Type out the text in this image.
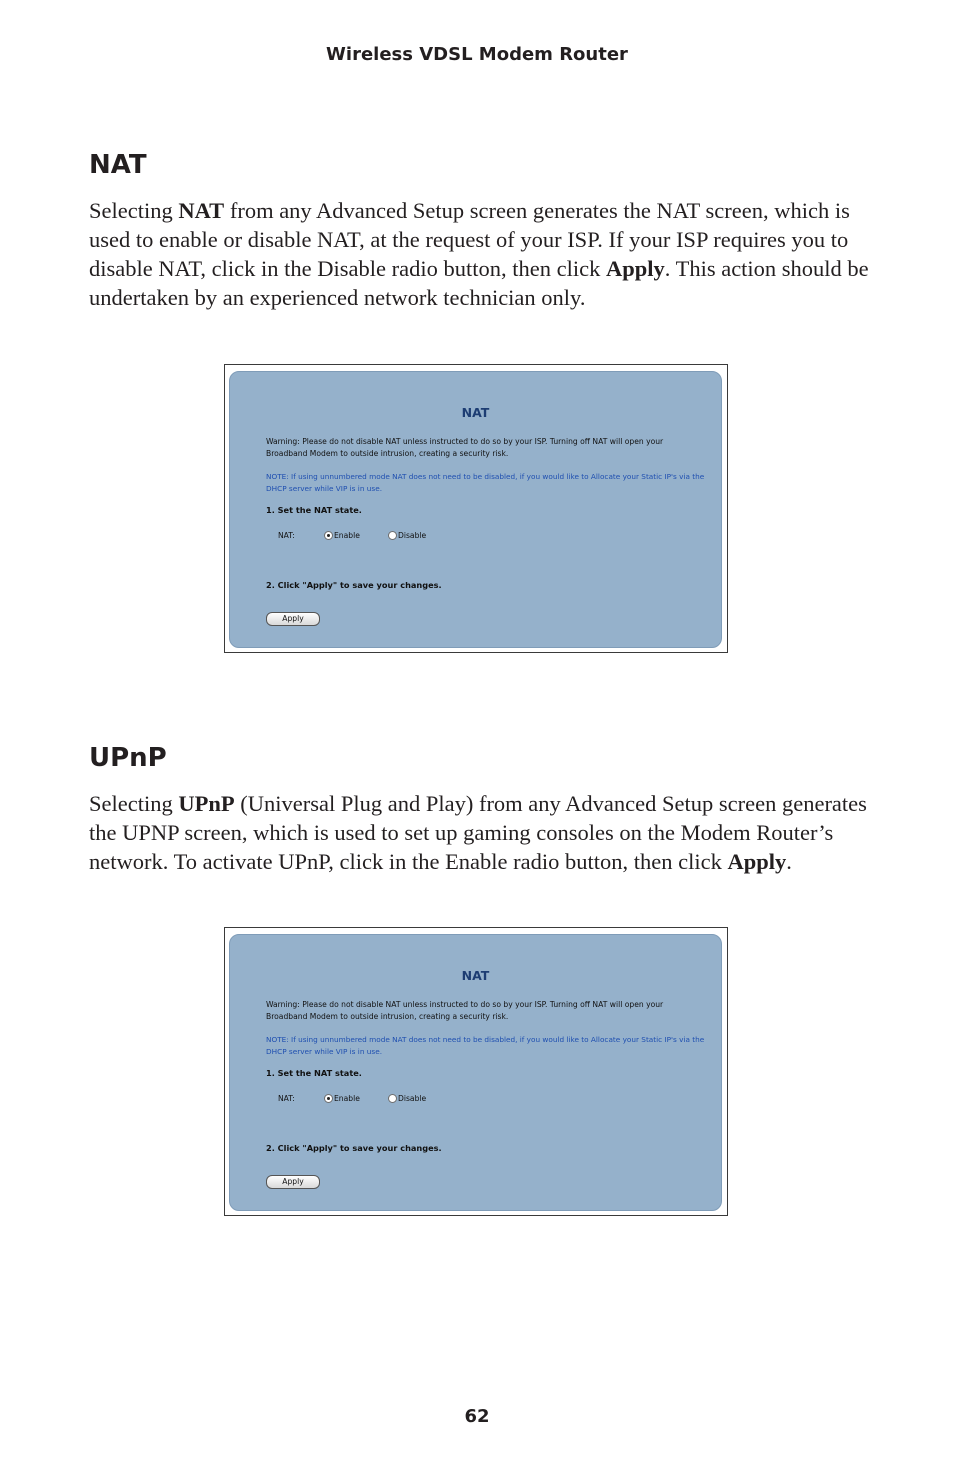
Wireless VDSL Modem Router
NAT
Selecting NAT from any Advanced Setup screen generates the NAT screen, which is used to enable or disable NAT, at the request of your ISP. If your ISP requires you to disable NAT, click in the Disable radio button, then click Apply. This action should be undertaken by an experienced network technician only.
NAT
Warning: Please do not disable NAT unless instructed to do so by your ISP. Turning off NAT will open your Broadband Modem to outside intrusion, creating a security risk.
NOTE: If using unnumbered mode NAT does not need to be disabled, if you would like to Allocate your Static IP's via the DHCP server while VIP is in use.
1. Set the NAT state.
NAT:	Enable	Disable
2. Click "Apply" to save your changes.
Apply
UPnP
Selecting UPnP (Universal Plug and Play) from any Advanced Setup screen generates the UPNP screen, which is used to set up gaming consoles on the Modem Router’s network. To activate UPnP, click in the Enable radio button, then click Apply.
NAT
Warning: Please do not disable NAT unless instructed to do so by your ISP. Turning off NAT will open your Broadband Modem to outside intrusion, creating a security risk.
NOTE: If using unnumbered mode NAT does not need to be disabled, if you would like to Allocate your Static IP's via the DHCP server while VIP is in use.
1. Set the NAT state.
NAT:	Enable	Disable
2. Click "Apply" to save your changes.
Apply
62
